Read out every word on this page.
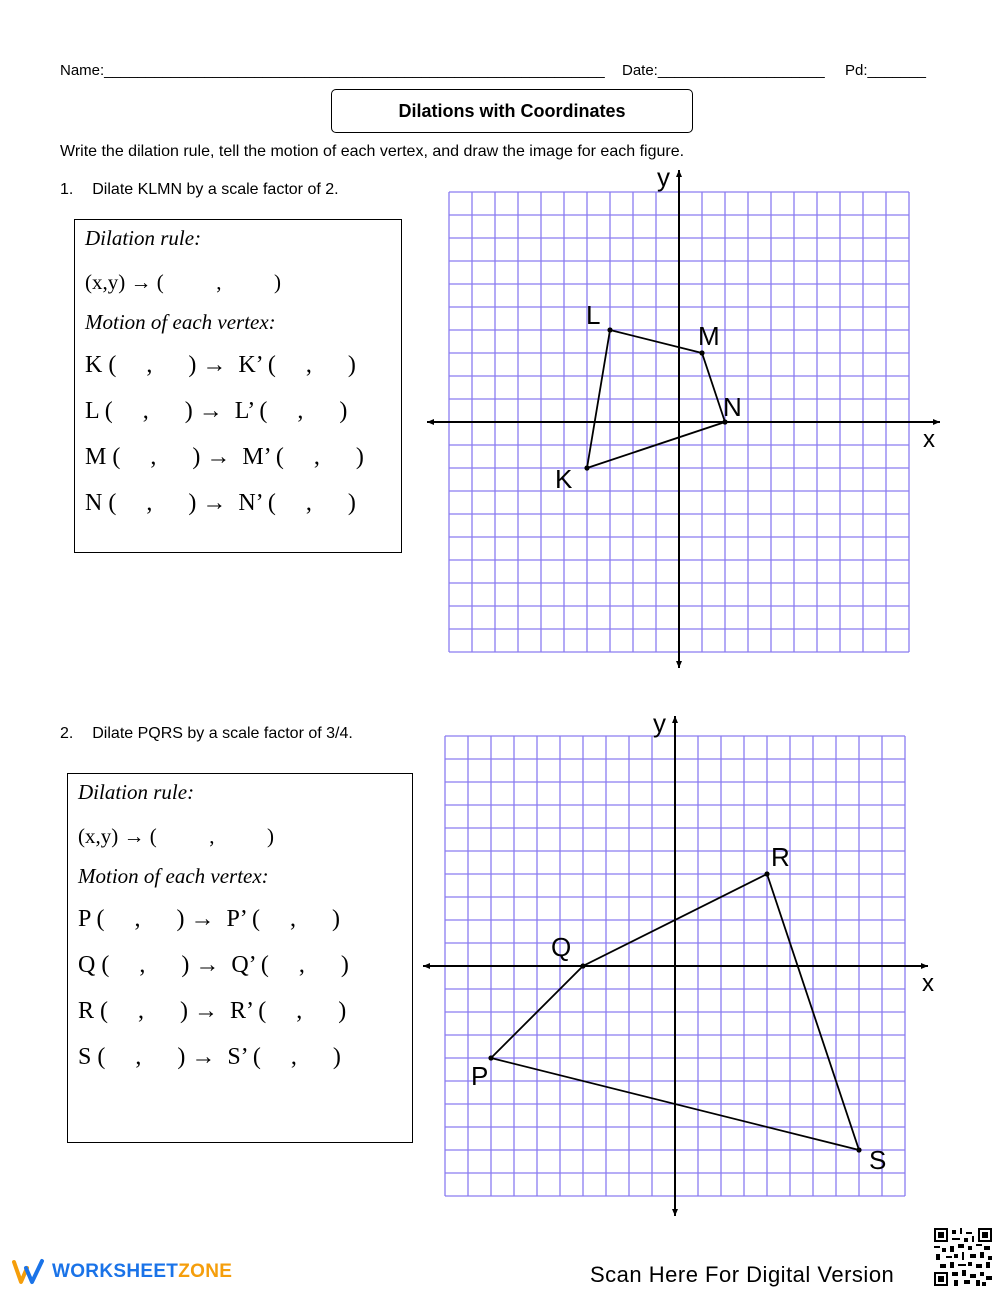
Name:____________________________________________________________ Date:____________________ Pd:_______
Dilations with Coordinates
Write the dilation rule, tell the motion of each vertex, and draw the image for each figure.
1. Dilate KLMN by a scale factor of 2.
Dilation rule:
(x,y) → (          ,          )
Motion of each vertex:
K (     ,      ) →  K’ (     ,      )
L (     ,      ) →  L’ (     ,      )
M (     ,      ) →  M’ (     ,      )
N (     ,      ) →  N’ (     ,      )
x
y
K
L
M
N
2. Dilate PQRS by a scale factor of 3/4.
Dilation rule:
(x,y) → (          ,          )
Motion of each vertex:
P (     ,      ) →  P’ (     ,      )
Q (     ,      ) →  Q’ (     ,      )
R (     ,      ) →  R’ (     ,      )
S (     ,      ) →  S’ (     ,      )
x
y
P
Q
R
S
WORKSHEETZONE	Scan Here For Digital Version
